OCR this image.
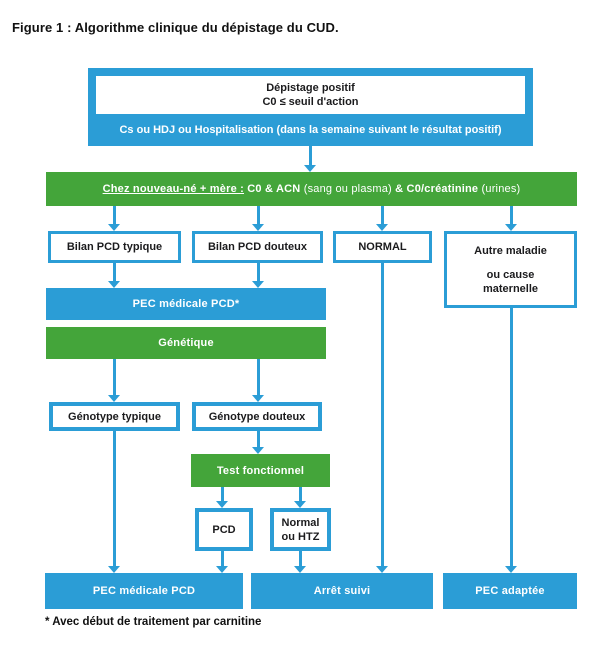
Figure 1 : Algorithme clinique du dépistage du CUD.
Dépistage positif
C0 ≤ seuil d'action
Cs ou HDJ ou Hospitalisation (dans la semaine suivant le résultat positif)
Chez nouveau-né + mère :
C0 & ACN
(sang ou plasma)
& C0/créatinine
(urines)
Bilan PCD typique	Bilan PCD douteux	NORMAL	Autre maladie
ou cause
maternelle
PEC médicale PCD*
Génétique
Génotype typique	Génotype douteux
Test fonctionnel
PCD
Normal
ou HTZ
PEC médicale PCD	Arrêt suivi	PEC adaptée
* Avec début de traitement par carnitine
